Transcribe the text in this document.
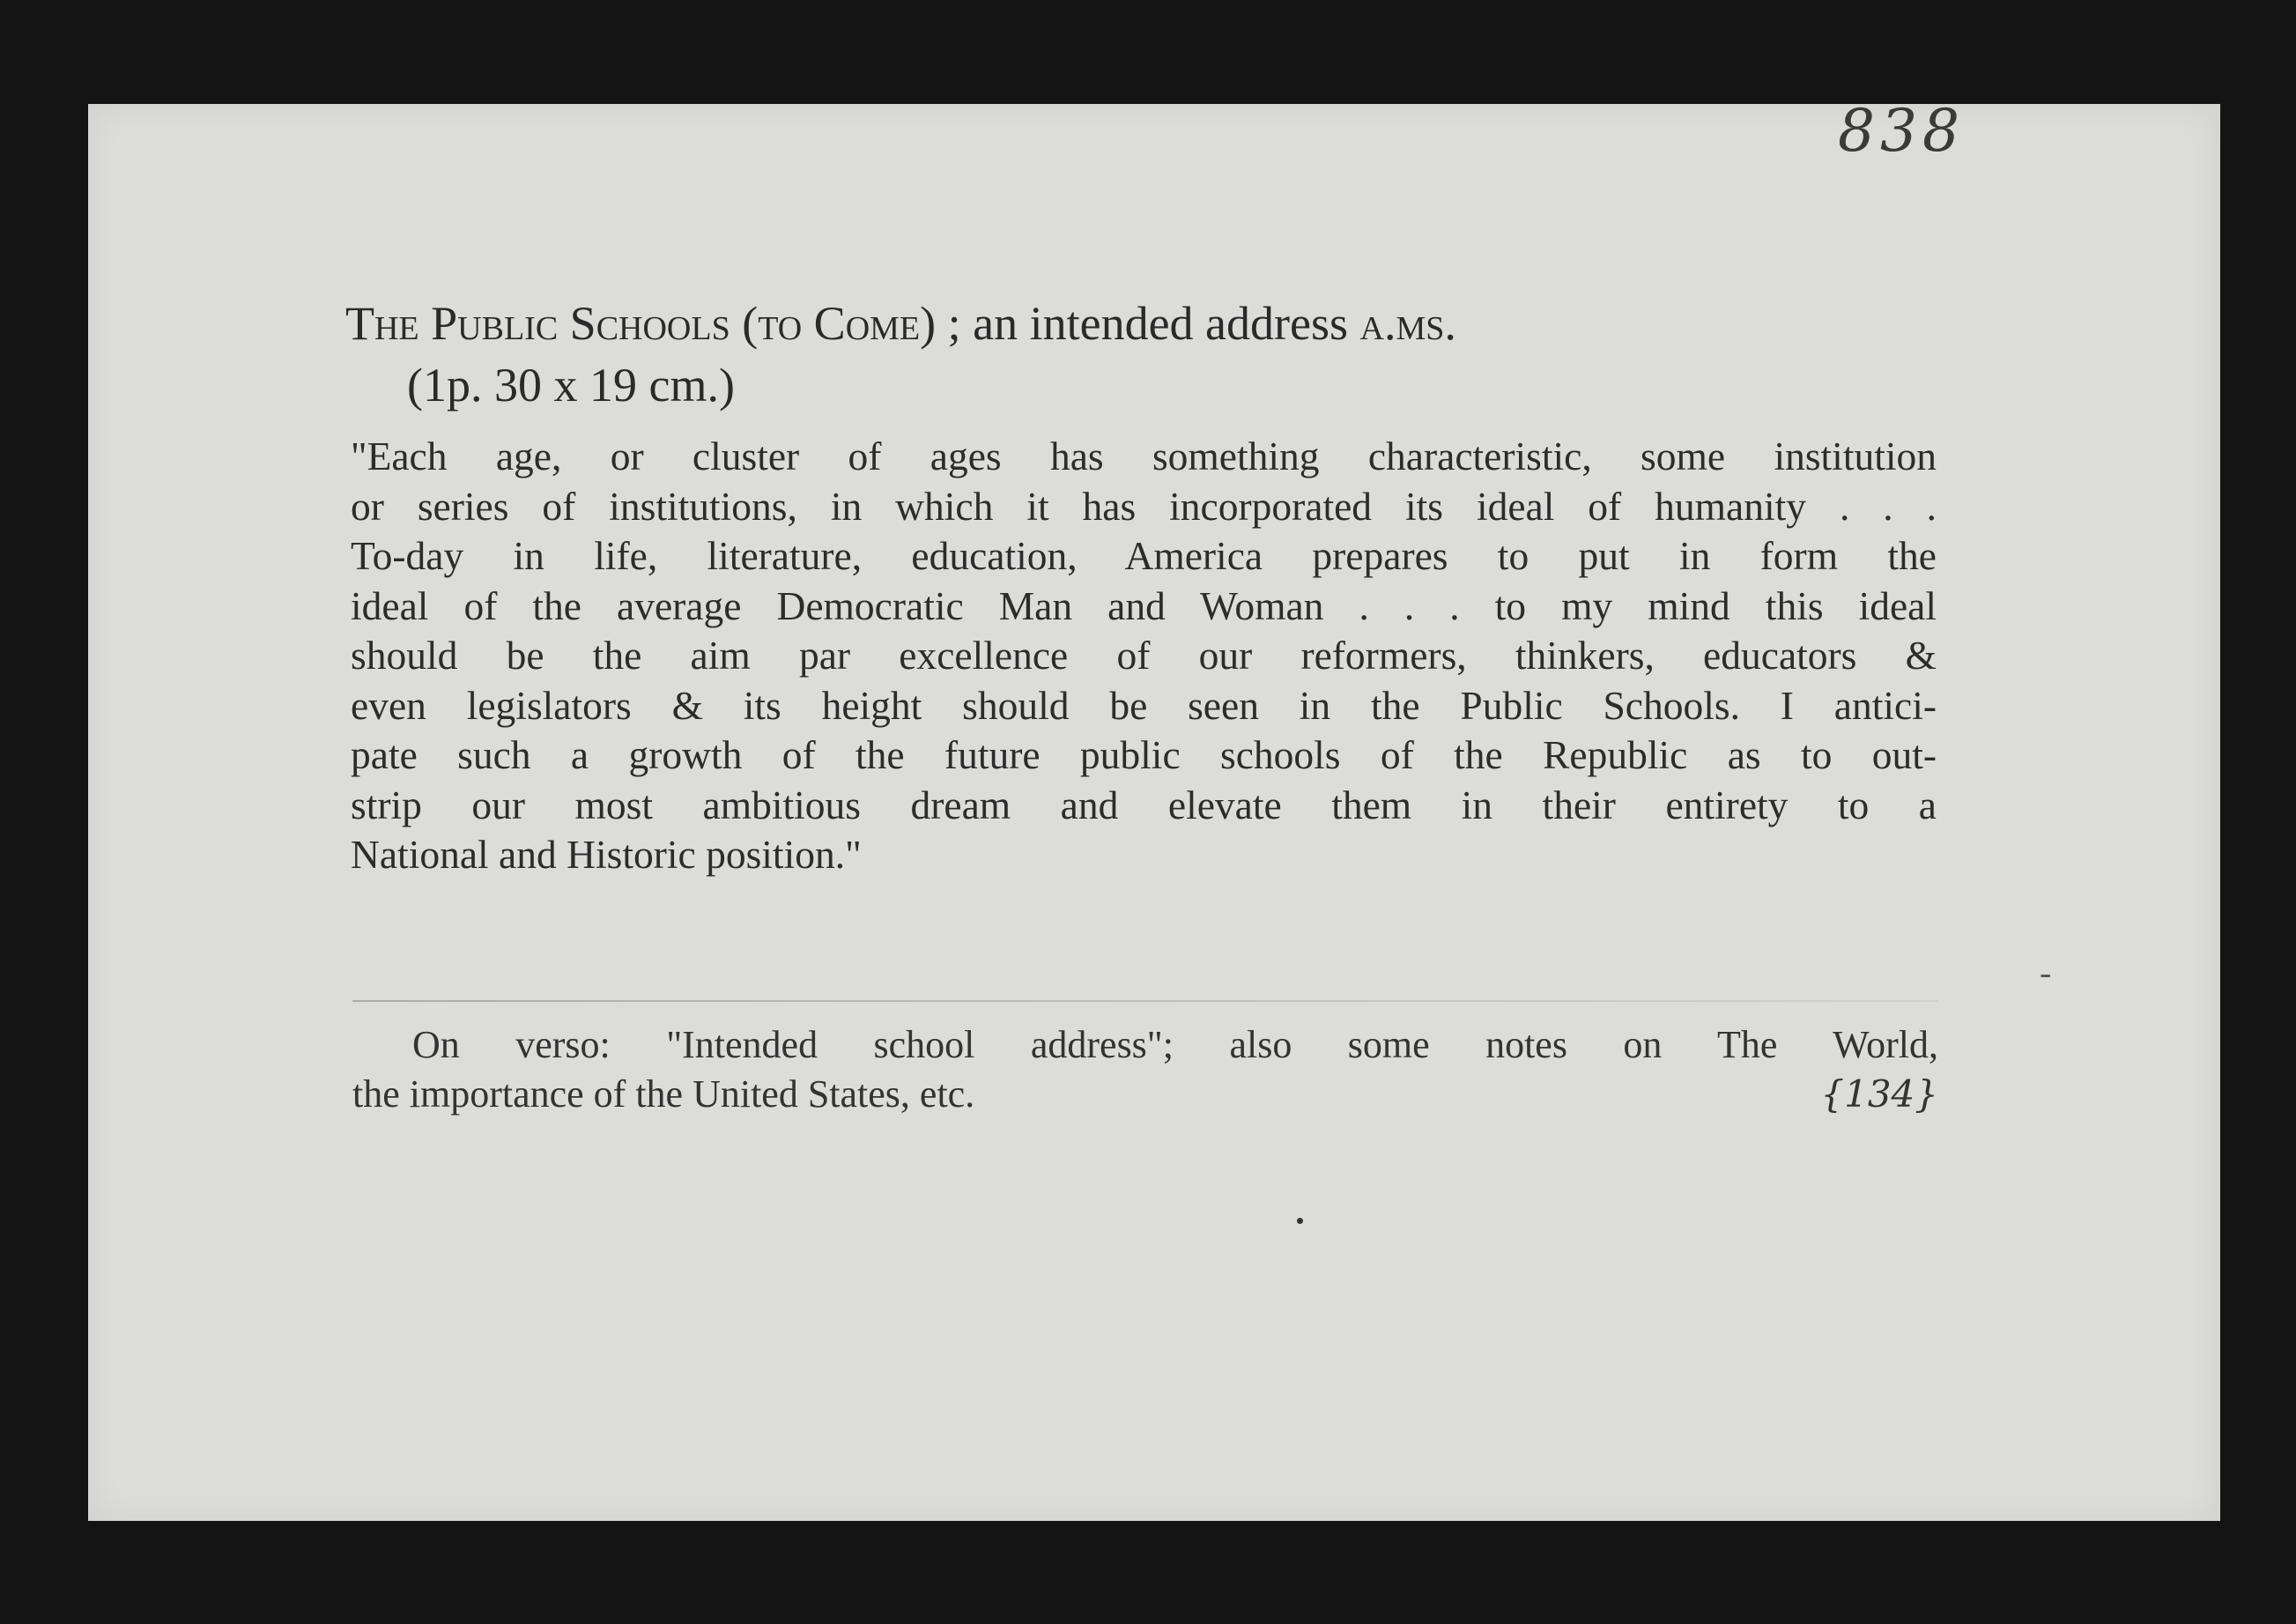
838
The Public Schools (to Come) ; an intended address a.ms.
(1p. 30 x 19 cm.)
"Each age, or cluster of ages has something characteristic, some institution
or series of institutions, in which it has incorporated its ideal of humanity . . .
To-day in life, literature, education, America prepares to put in form the
ideal of the average Democratic Man and Woman . . . to my mind this ideal
should be the aim par excellence of our reformers, thinkers, educators &
even legislators & its height should be seen in the Public Schools. I antici-
pate such a growth of the future public schools of the Republic as to out-
strip our most ambitious dream and elevate them in their entirety to a
National and Historic position."
On verso: "Intended school address"; also some notes on The World,
the importance of the United States, etc.	{134}
-
